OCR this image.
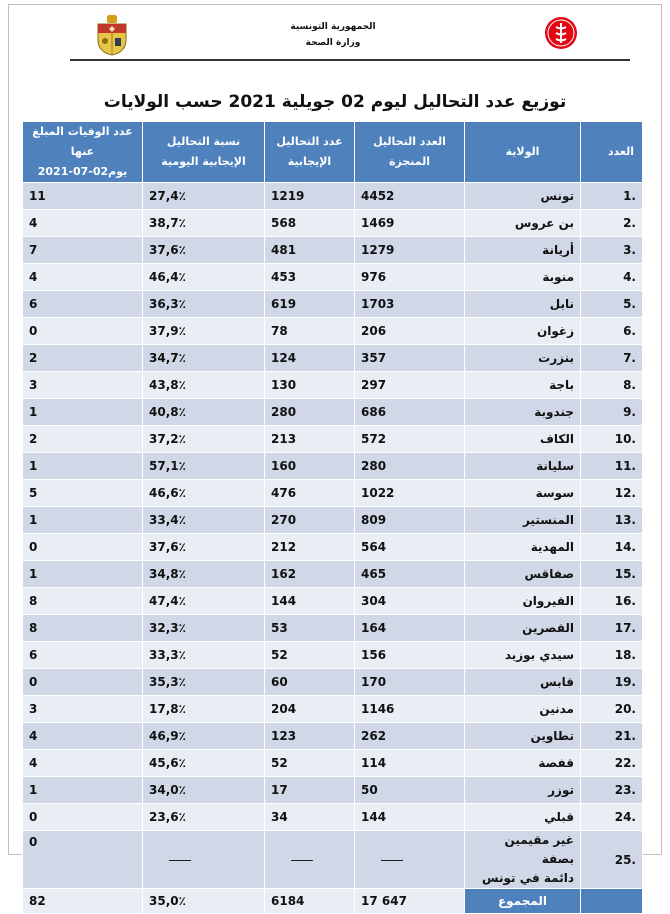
الجمهورية التونسية
وزارة الصحة
توزيع عدد التحاليل ليوم 02 جويلية 2021 حسب الولايات
العدد	الولاية	العدد التحاليل المنجزة	عدد التحاليل الإيجابية	نسبة التحاليل الإيجابية اليومية	عدد الوفيات المبلغ عنها
يوم02-07-2021

1.	تونس	4452	1219	27,4٪	11
2.	بن عروس	1469	568	38,7٪	4
3.	أريانة	1279	481	37,6٪	7
4.	منوبة	976	453	46,4٪	4
5.	نابل	1703	619	36,3٪	6
6.	زغوان	206	78	37,9٪	0
7.	بنزرت	357	124	34,7٪	2
8.	باجة	297	130	43,8٪	3
9.	جندوبة	686	280	40,8٪	1
10.	الكاف	572	213	37,2٪	2
11.	سليانة	280	160	57,1٪	1
12.	سوسة	1022	476	46,6٪	5
13.	المنستير	809	270	33,4٪	1
14.	المهدية	564	212	37,6٪	0
15.	صفاقس	465	162	34,8٪	1
16.	القيروان	304	144	47,4٪	8
17.	القصرين	164	53	32,3٪	8
18.	سيدي بوزيد	156	52	33,3٪	6
19.	قابس	170	60	35,3٪	0
20.	مدنين	1146	204	17,8٪	3
21.	تطاوين	262	123	46,9٪	4
22.	قفصة	114	52	45,6٪	4
23.	توزر	50	17	34,0٪	1
24.	قبلي	144	34	23,6٪	0
25.	غير مقيمين بصفة
دائمة في تونس				0
	المجموع	17 647	6184	35,0٪	82
